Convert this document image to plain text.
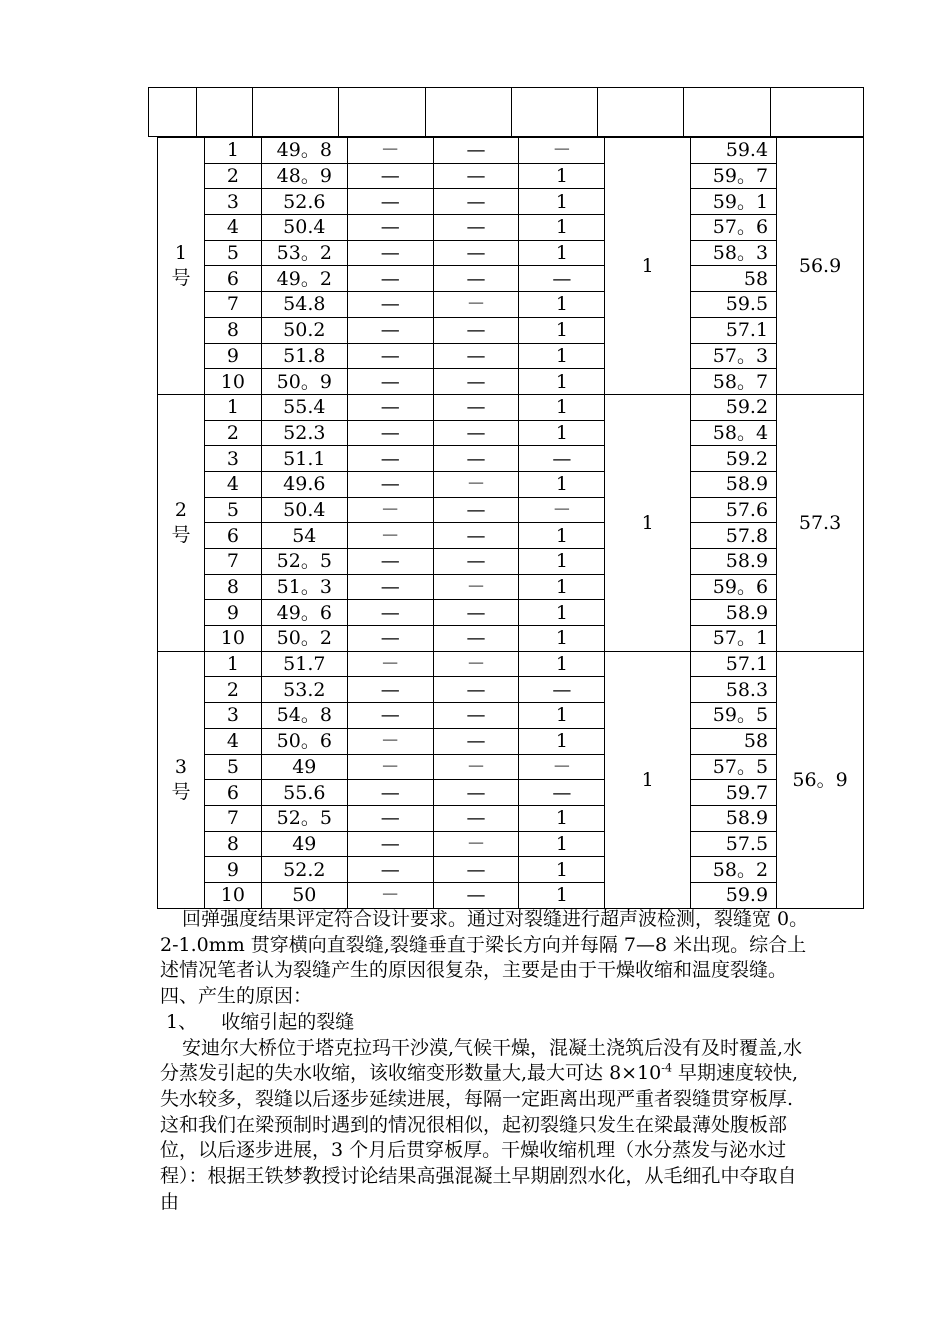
1
号	1	49。8	－	—	－	1	59.4	56.9
	2	48。9	—	—	1		59。7	
	3	52.6	—	—	1		59。1	
	4	50.4	—	—	1		57。6	
	5	53。2	—	—	1		58。3	
	6	49。2	—	—	—		58	
	7	54.8	—	－	1		59.5	
	8	50.2	—	—	1		57.1	
	9	51.8	—	—	1		57。3	
	10	50。9	—	—	1		58。7	
2
号	1	55.4	—	—	1	1	59.2	57.3
	2	52.3	—	—	1		58。4	
	3	51.1	—	—	—		59.2	
	4	49.6	—	－	1		58.9	
	5	50.4	－	—	－		57.6	
	6	54	－	—	1		57.8	
	7	52。5	—	—	1		58.9	
	8	51。3	—	－	1		59。6	
	9	49。6	—	—	1		58.9	
	10	50。2	—	—	1		57。1	
3
号	1	51.7	－	－	1	1	57.1	56。9
	2	53.2	—	—	—		58.3	
	3	54。8	—	—	1		59。5	
	4	50。6	－	—	1		58	
	5	49	－	－	－		57。5	
	6	55.6	—	—	—		59.7	
	7	52。5	—	—	1		58.9	
	8	49	—	－	1		57.5	
	9	52.2	—	—	1		58。2	
	10	50	－	—	1		59.9	

回弹强度结果评定符合设计要求。通过对裂缝进行超声波检测，裂缝宽 0。2-1.0mm 贯穿横向直裂缝,裂缝垂直于梁长方向并每隔 7—8 米出现。综合上述情况笔者认为裂缝产生的原因很复杂，主要是由于干燥收缩和温度裂缝。

四、产生的原因：

1、    收缩引起的裂缝

安迪尔大桥位于塔克拉玛干沙漠,气候干燥，混凝土浇筑后没有及时覆盖,水分蒸发引起的失水收缩，该收缩变形数量大,最大可达 $8\times 10^{-4}$ 早期速度较快, 失水较多，裂缝以后逐步延续进展，每隔一定距离出现严重者裂缝贯穿板厚.这和我们在梁预制时遇到的情况很相似，起初裂缝只发生在梁最薄处腹板部位，以后逐步进展，3 个月后贯穿板厚。干燥收缩机理（水分蒸发与泌水过程）：根据王铁梦教授讨论结果高强混凝土早期剧烈水化，从毛细孔中夺取自由
